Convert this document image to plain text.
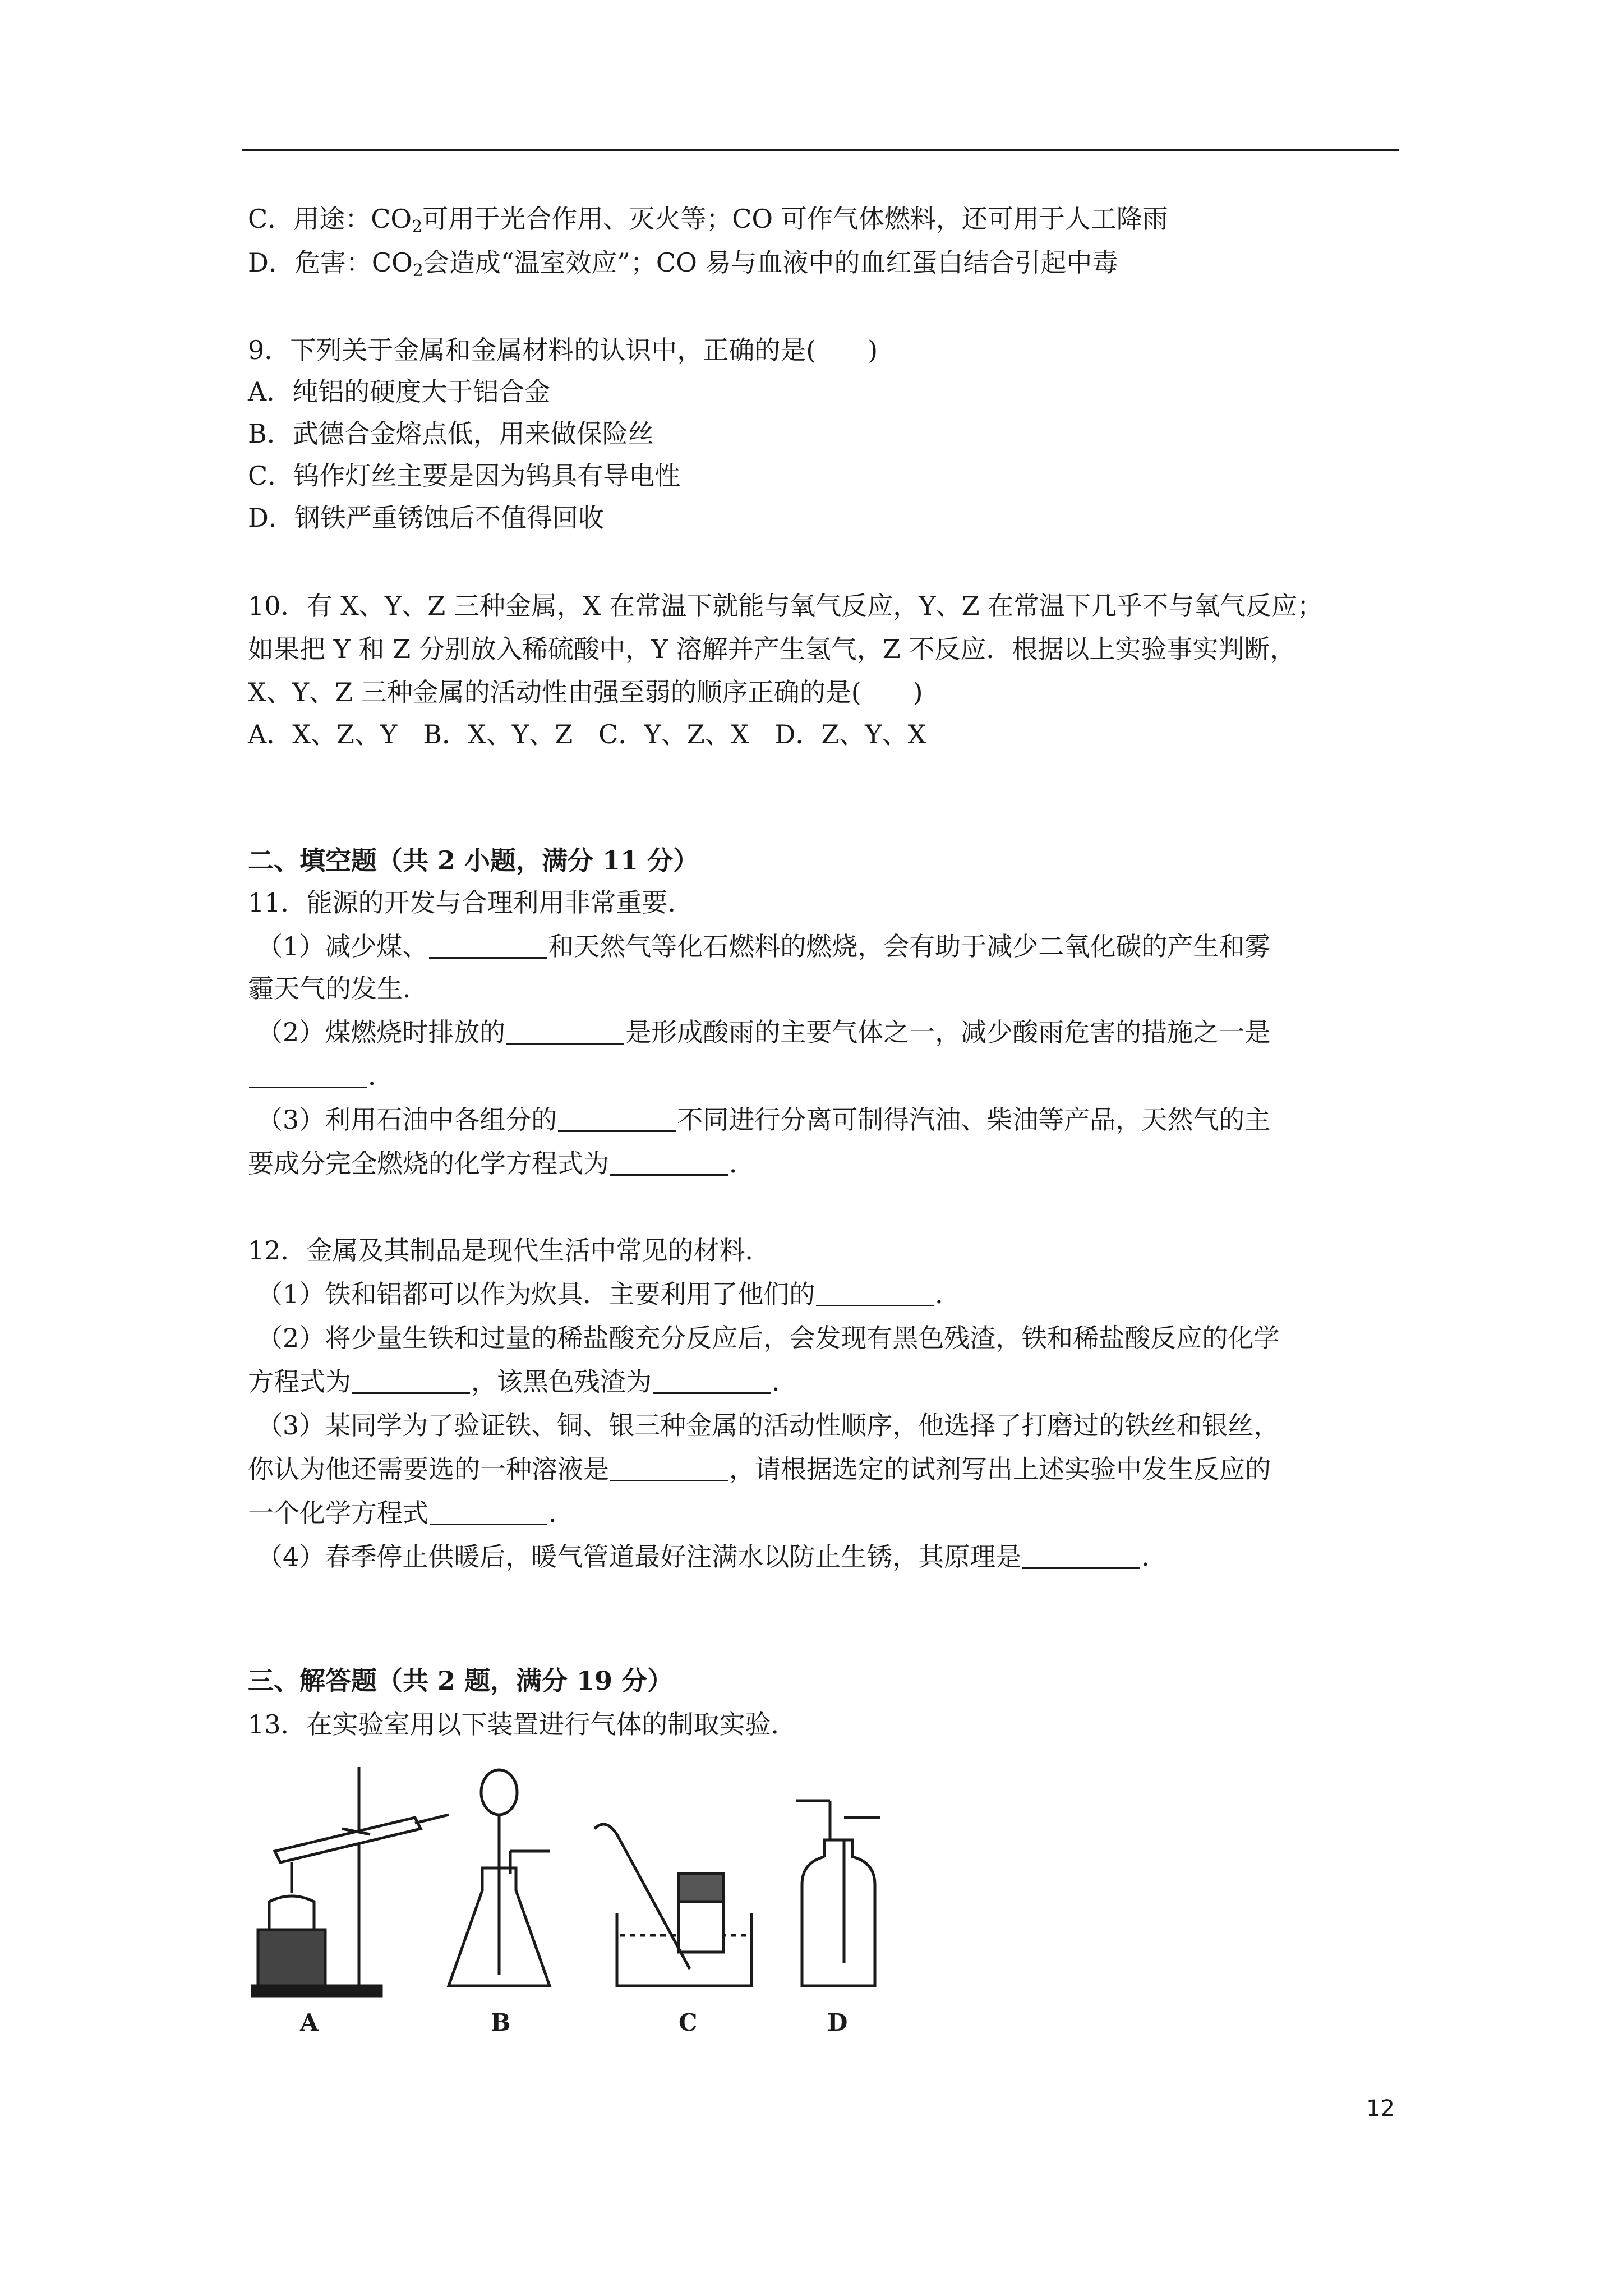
C．用途：$CO_2$可用于光合作用、灭火等；CO 可作气体燃料，还可用于人工降雨
D．危害：$CO_2$会造成“温室效应”；CO 易与血液中的血红蛋白结合引起中毒
9．下列关于金属和金属材料的认识中，正确的是(　　)
A．纯铝的硬度大于铝合金
B．武德合金熔点低，用来做保险丝
C．钨作灯丝主要是因为钨具有导电性
D．钢铁严重锈蚀后不值得回收
10．有 X、Y、Z 三种金属，X 在常温下就能与氧气反应，Y、Z 在常温下几乎不与氧气反应；
如果把 Y 和 Z 分别放入稀硫酸中，Y 溶解并产生氢气，Z 不反应．根据以上实验事实判断，
X、Y、Z 三种金属的活动性由强至弱的顺序正确的是(　　)
A．X、Z、Y　B．X、Y、Z　C．Y、Z、X　D．Z、Y、X
二、填空题（共 2 小题，满分 11 分）
11．能源的开发与合理利用非常重要．
（1）减少煤、	和天然气等化石燃料的燃烧，会有助于减少二氧化碳的产生和雾
霾天气的发生．
（2）煤燃烧时排放的	是形成酸雨的主要气体之一，减少酸雨危害的措施之一是
．
（3）利用石油中各组分的	不同进行分离可制得汽油、柴油等产品，天然气的主
要成分完全燃烧的化学方程式为	．
12．金属及其制品是现代生活中常见的材料．
（1）铁和铝都可以作为炊具．主要利用了他们的	．
（2）将少量生铁和过量的稀盐酸充分反应后，会发现有黑色残渣，铁和稀盐酸反应的化学
方程式为	，该黑色残渣为	．
（3）某同学为了验证铁、铜、银三种金属的活动性顺序，他选择了打磨过的铁丝和银丝，
你认为他还需要选的一种溶液是	，请根据选定的试剂写出上述实验中发生反应的
一个化学方程式	．
（4）春季停止供暖后，暖气管道最好注满水以防止生锈，其原理是	．
三、解答题（共 2 题，满分 19 分）
13．在实验室用以下装置进行气体的制取实验．
A	B	C	D
12
